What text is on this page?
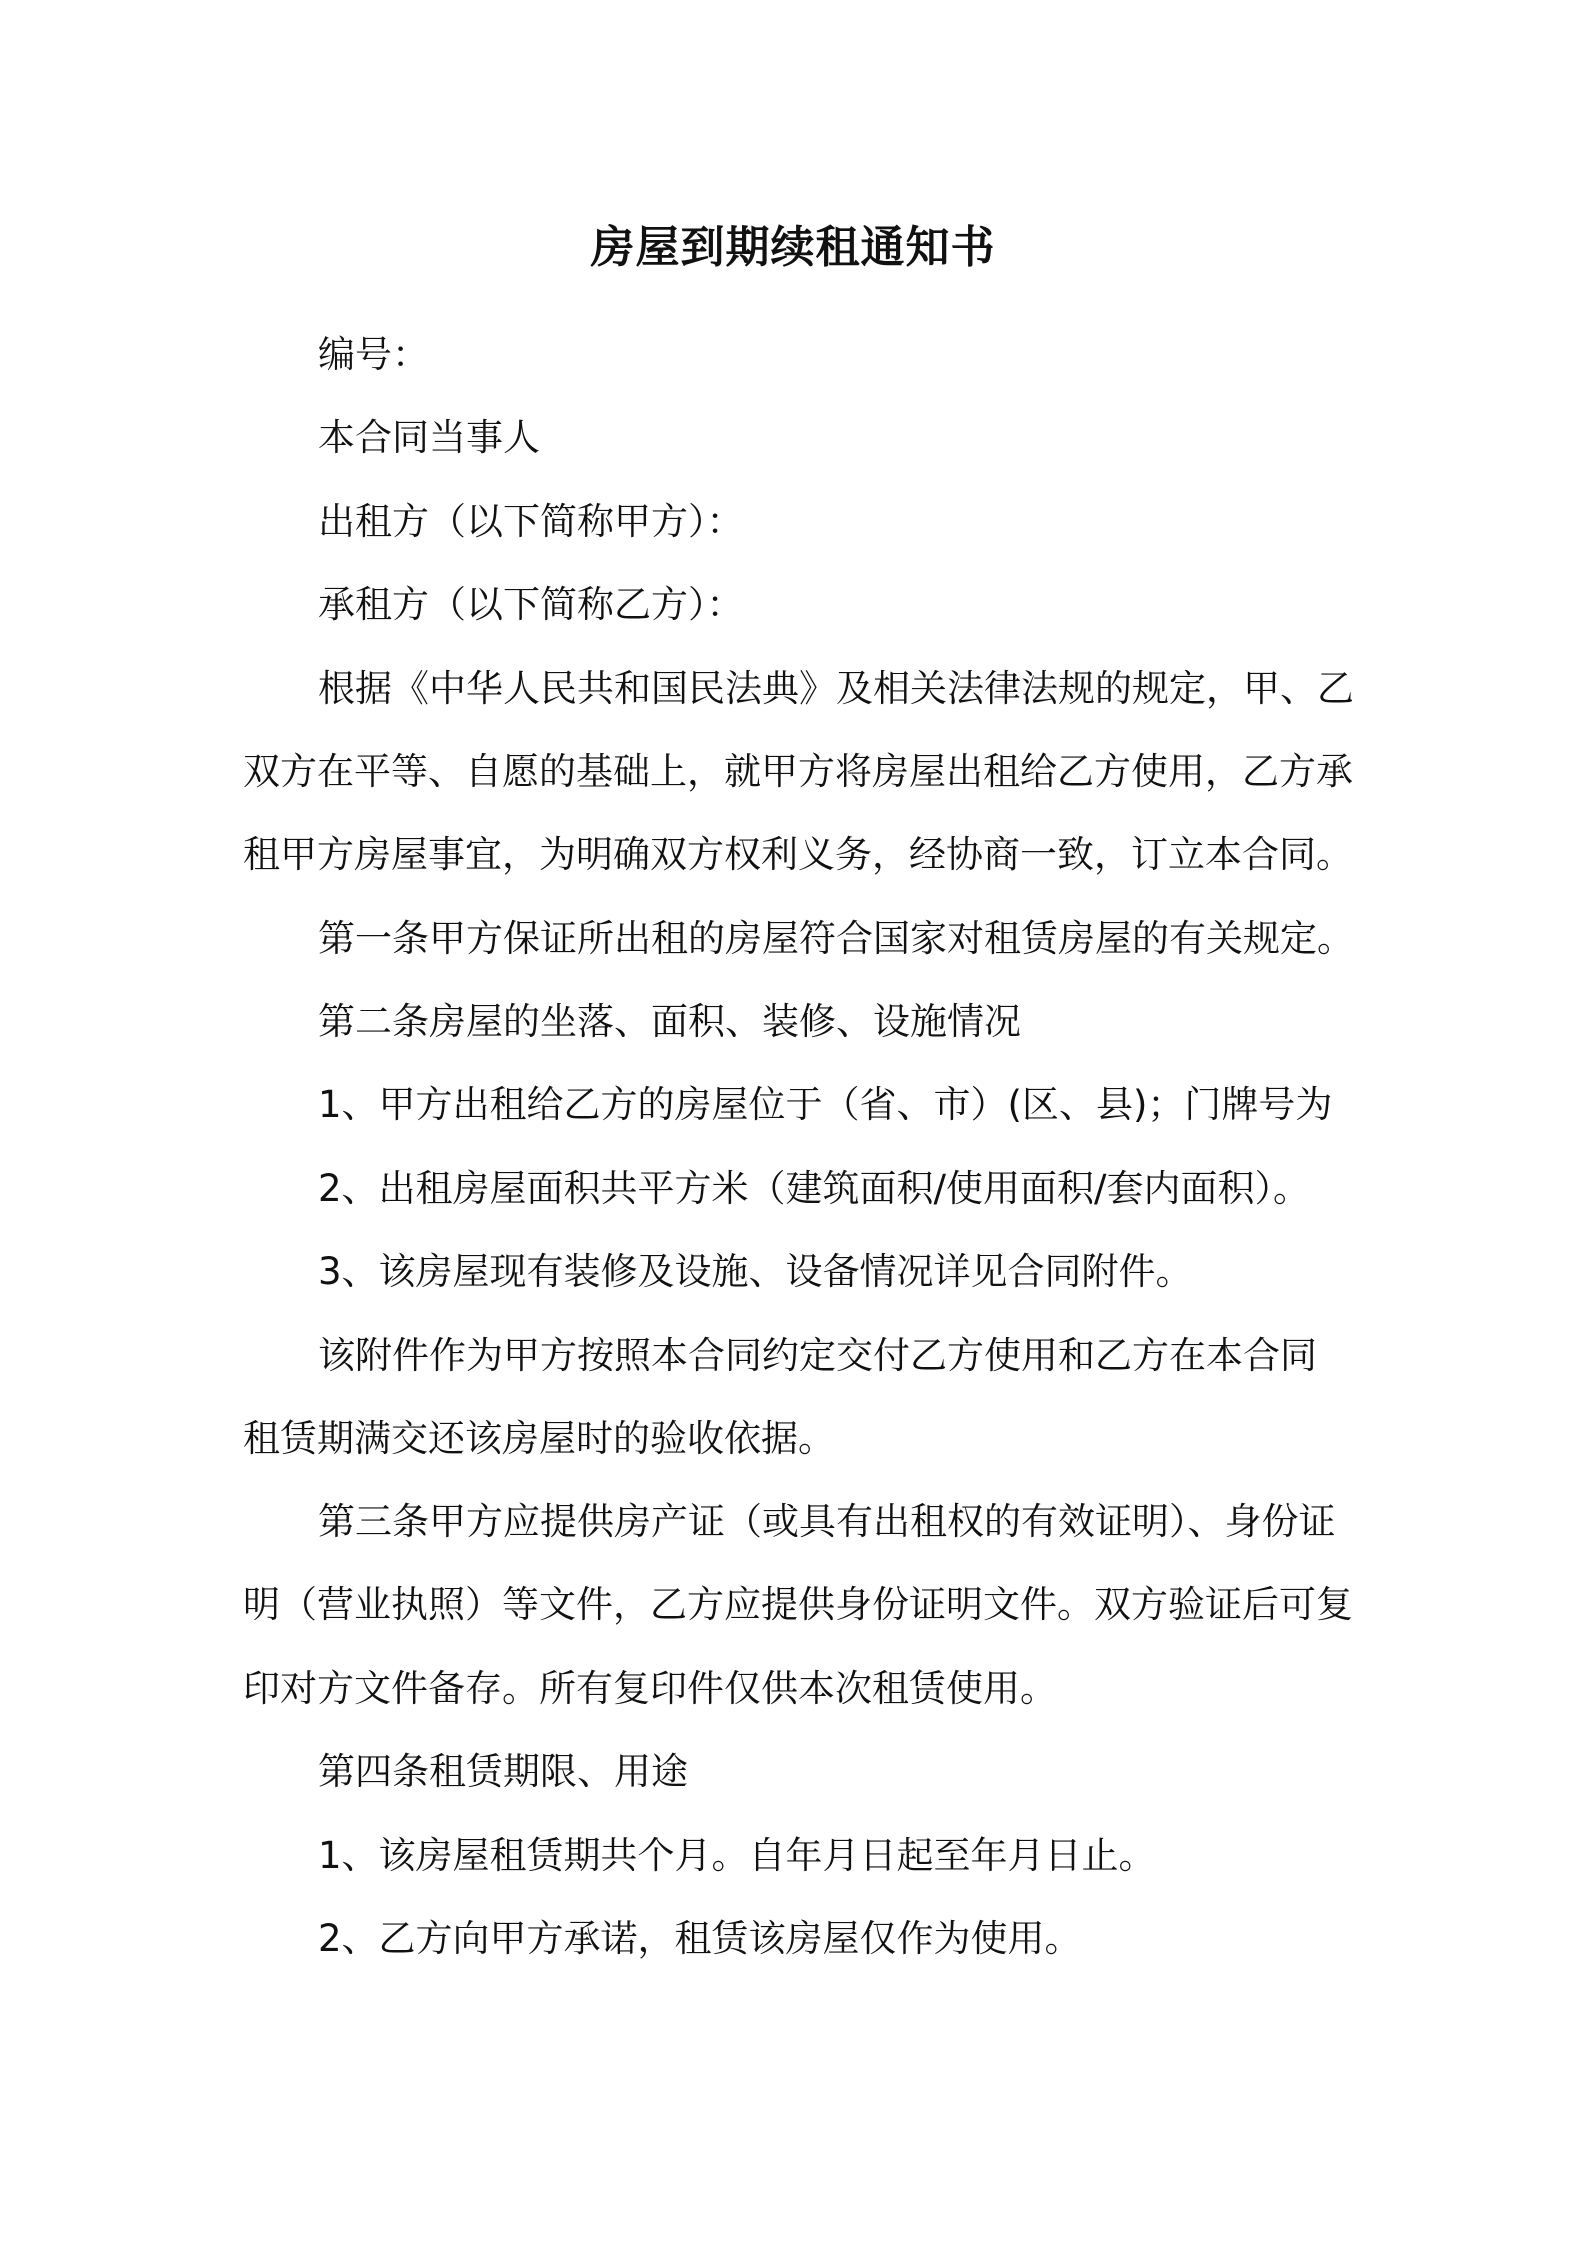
房屋到期续租通知书
编号：
本合同当事人
出租方（以下简称甲方）：
承租方（以下简称乙方）：
根据《中华人民共和国民法典》及相关法律法规的规定，甲、乙
双方在平等、自愿的基础上，就甲方将房屋出租给乙方使用，乙方承
租甲方房屋事宜，为明确双方权利义务，经协商一致，订立本合同。
第一条甲方保证所出租的房屋符合国家对租赁房屋的有关规定。
第二条房屋的坐落、面积、装修、设施情况
1、甲方出租给乙方的房屋位于（省、市）(区、县)；门牌号为
2、出租房屋面积共平方米（建筑面积/使用面积/套内面积）。
3、该房屋现有装修及设施、设备情况详见合同附件。
该附件作为甲方按照本合同约定交付乙方使用和乙方在本合同
租赁期满交还该房屋时的验收依据。
第三条甲方应提供房产证（或具有出租权的有效证明）、身份证
明（营业执照）等文件，乙方应提供身份证明文件。双方验证后可复
印对方文件备存。所有复印件仅供本次租赁使用。
第四条租赁期限、用途
1、该房屋租赁期共个月。自年月日起至年月日止。
2、乙方向甲方承诺，租赁该房屋仅作为使用。
